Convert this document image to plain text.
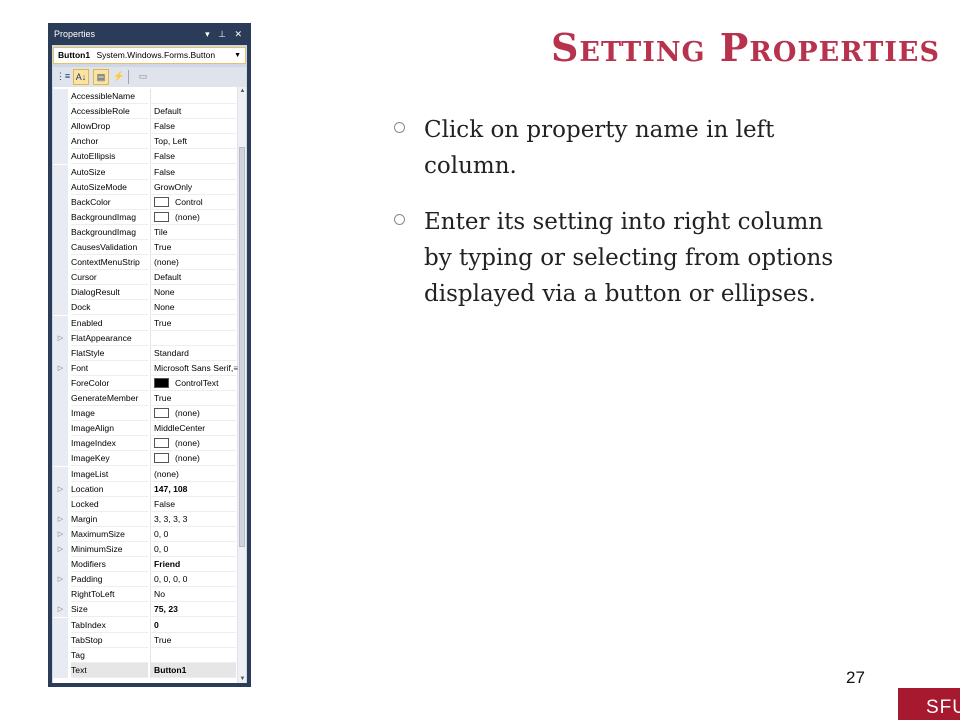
Properties	▾ ⊥ ✕
Button1 System.Windows.Forms.Button	▼
⋮≡ A↓	▤ ⚡	▭
▲
▼
AccessibleName
AccessibleRole	Default
AllowDrop	False
Anchor	Top, Left
AutoEllipsis	False
AutoSize	False
AutoSizeMode	GrowOnly
BackColor	Control
BackgroundImag	(none)
BackgroundImag	Tile
CausesValidation	True
ContextMenuStrip	(none)
Cursor	Default
DialogResult	None
Dock	None
Enabled	True
▷ FlatAppearance
FlatStyle	Standard
▷ Font	Microsoft Sans Serif, ≡
ForeColor	ControlText
GenerateMember	True
Image	(none)
ImageAlign	MiddleCenter
ImageIndex	(none)
ImageKey	(none)
ImageList	(none)
▷ Location	147, 108
Locked	False
▷ Margin	3, 3, 3, 3
▷ MaximumSize	0, 0
▷ MinimumSize	0, 0
Modifiers	Friend
▷ Padding	0, 0, 0, 0
RightToLeft	No
▷ Size	75, 23
TabIndex	0
TabStop	True
Tag
Text	Button1
Setting Properties
Click on property name in left column.
Enter its setting into right column by typing or selecting from options displayed via a button or ellipses.
27
SFU
